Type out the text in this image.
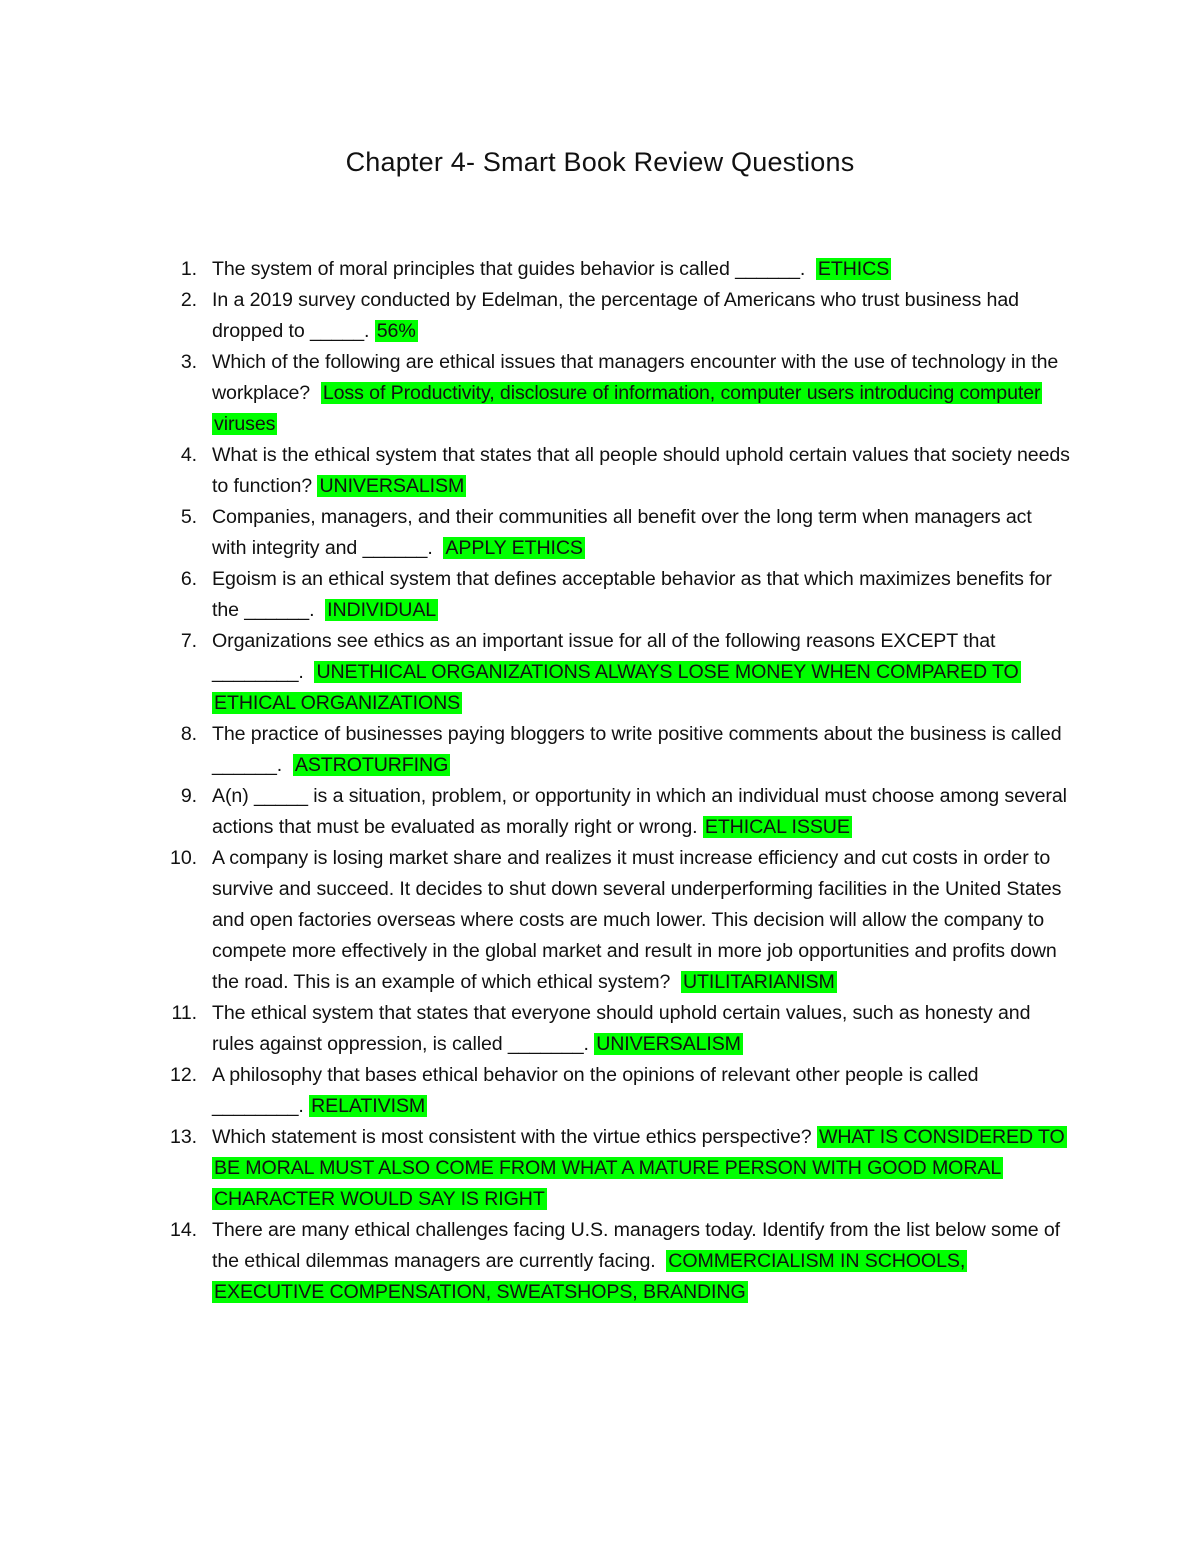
Chapter 4- Smart Book Review Questions
1. The system of moral principles that guides behavior is called ______. ETHICS
2. In a 2019 survey conducted by Edelman, the percentage of Americans who trust business had dropped to _____. 56%
3. Which of the following are ethical issues that managers encounter with the use of technology in the workplace? Loss of Productivity, disclosure of information, computer users introducing computer viruses
4. What is the ethical system that states that all people should uphold certain values that society needs to function? UNIVERSALISM
5. Companies, managers, and their communities all benefit over the long term when managers act with integrity and ______. APPLY ETHICS
6. Egoism is an ethical system that defines acceptable behavior as that which maximizes benefits for the ______. INDIVIDUAL
7. Organizations see ethics as an important issue for all of the following reasons EXCEPT that ________. UNETHICAL ORGANIZATIONS ALWAYS LOSE MONEY WHEN COMPARED TO ETHICAL ORGANIZATIONS
8. The practice of businesses paying bloggers to write positive comments about the business is called ______. ASTROTURFING
9. A(n) _____ is a situation, problem, or opportunity in which an individual must choose among several actions that must be evaluated as morally right or wrong. ETHICAL ISSUE
10. A company is losing market share and realizes it must increase efficiency and cut costs in order to survive and succeed. It decides to shut down several underperforming facilities in the United States and open factories overseas where costs are much lower. This decision will allow the company to compete more effectively in the global market and result in more job opportunities and profits down the road. This is an example of which ethical system? UTILITARIANISM
11. The ethical system that states that everyone should uphold certain values, such as honesty and rules against oppression, is called _______. UNIVERSALISM
12. A philosophy that bases ethical behavior on the opinions of relevant other people is called ________. RELATIVISM
13. Which statement is most consistent with the virtue ethics perspective? WHAT IS CONSIDERED TO BE MORAL MUST ALSO COME FROM WHAT A MATURE PERSON WITH GOOD MORAL CHARACTER WOULD SAY IS RIGHT
14. There are many ethical challenges facing U.S. managers today. Identify from the list below some of the ethical dilemmas managers are currently facing. COMMERCIALISM IN SCHOOLS, EXECUTIVE COMPENSATION, SWEATSHOPS, BRANDING
